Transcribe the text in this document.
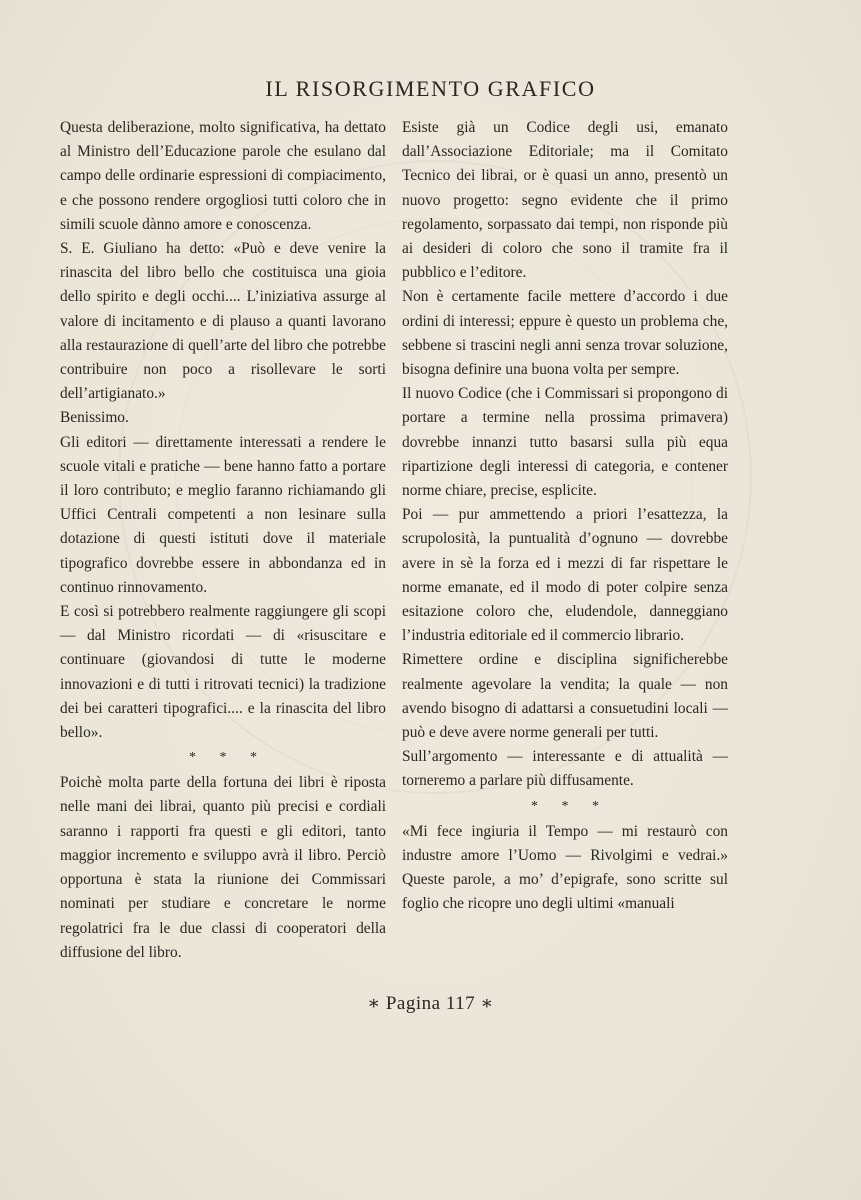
IL RISORGIMENTO GRAFICO

Questa deliberazione, molto significativa, ha dettato al Ministro dell’Educazione parole che esulano dal campo delle ordinarie espressioni di compiacimento, e che possono rendere orgogliosi tutti coloro che in simili scuole dànno amore e conoscenza.

S. E. Giuliano ha detto: «Può e deve venire la rinascita del libro bello che costituisca una gioia dello spirito e degli occhi.... L’iniziativa assurge al valore di incitamento e di plauso a quanti lavorano alla restaurazione di quell’arte del libro che potrebbe contribuire non poco a risollevare le sorti dell’artigianato.»

Benissimo.

Gli editori — direttamente interessati a rendere le scuole vitali e pratiche — bene hanno fatto a portare il loro contributo; e meglio faranno richiamando gli Uffici Centrali competenti a non lesinare sulla dotazione di questi istituti dove il materiale tipografico dovrebbe essere in abbondanza ed in continuo rinnovamento.

E così si potrebbero realmente raggiungere gli scopi — dal Ministro ricordati — di «risuscitare e continuare (giovandosi di tutte le moderne innovazioni e di tutti i ritrovati tecnici) la tradizione dei bei caratteri tipografici.... e la rinascita del libro bello».

* * *

Poichè molta parte della fortuna dei libri è riposta nelle mani dei librai, quanto più precisi e cordiali saranno i rapporti fra questi e gli editori, tanto maggior incremento e sviluppo avrà il libro. Perciò opportuna è stata la riunione dei Commissari nominati per studiare e concretare le norme regolatrici fra le due classi di cooperatori della diffusione del libro.

Esiste già un Codice degli usi, emanato dall’Associazione Editoriale; ma il Comitato Tecnico dei librai, or è quasi un anno, presentò un nuovo progetto: segno evidente che il primo regolamento, sorpassato dai tempi, non risponde più ai desideri di coloro che sono il tramite fra il pubblico e l’editore.

Non è certamente facile mettere d’accordo i due ordini di interessi; eppure è questo un problema che, sebbene si trascini negli anni senza trovar soluzione, bisogna definire una buona volta per sempre.

Il nuovo Codice (che i Commissari si propongono di portare a termine nella prossima primavera) dovrebbe innanzi tutto basarsi sulla più equa ripartizione degli interessi di categoria, e contener norme chiare, precise, esplicite.

Poi — pur ammettendo a priori l’esattezza, la scrupolosità, la puntualità d’ognuno — dovrebbe avere in sè la forza ed i mezzi di far rispettare le norme emanate, ed il modo di poter colpire senza esitazione coloro che, eludendole, danneggiano l’industria editoriale ed il commercio librario.

Rimettere ordine e disciplina significherebbe realmente agevolare la vendita; la quale — non avendo bisogno di adattarsi a consuetudini locali — può e deve avere norme generali per tutti.

Sull’argomento — interessante e di attualità — torneremo a parlare più diffusamente.

* * *

«Mi fece ingiuria il Tempo — mi restaurò con industre amore l’Uomo — Rivolgimi e vedrai.» Queste parole, a mo’ d’epigrafe, sono scritte sul foglio che ricopre uno degli ultimi «manuali

∗ Pagina 117 ∗
